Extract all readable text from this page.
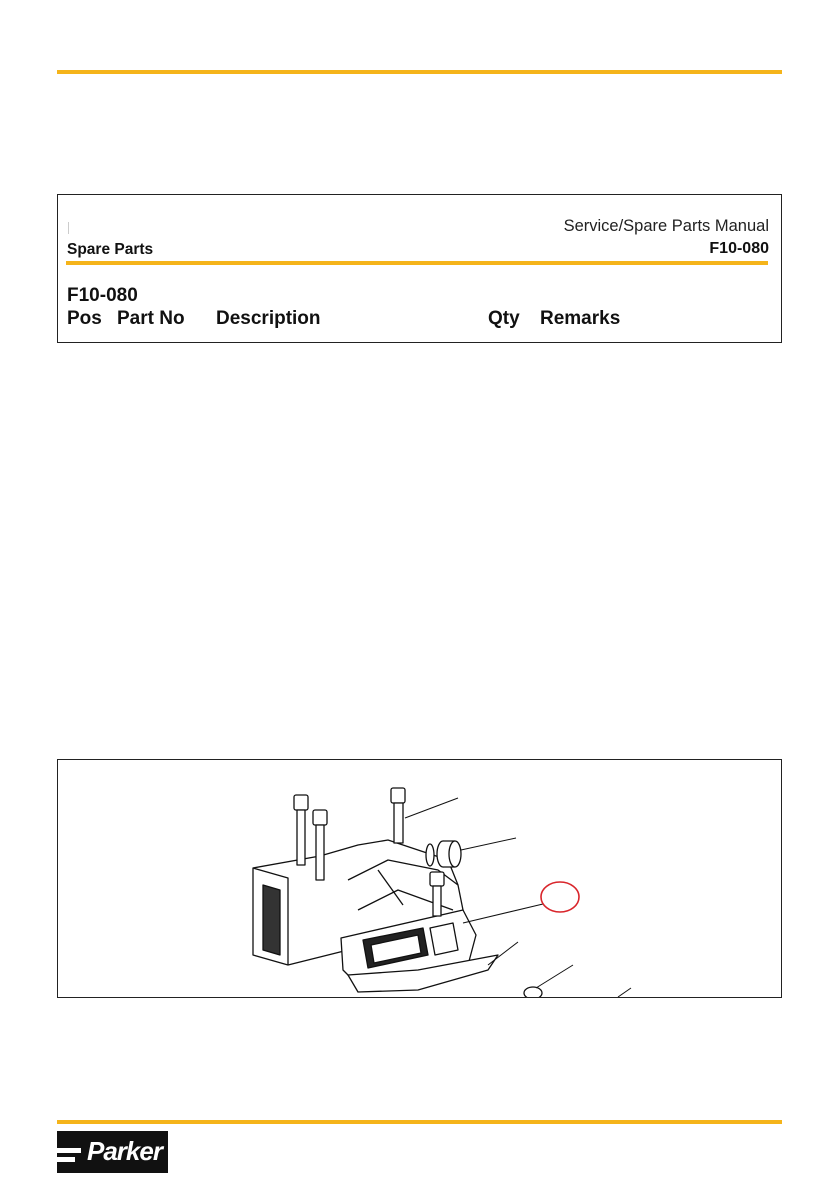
Service/Spare Parts Manual
Spare Parts	F10-080
F10-080
Pos Part No Description	Qty Remarks
Parker
